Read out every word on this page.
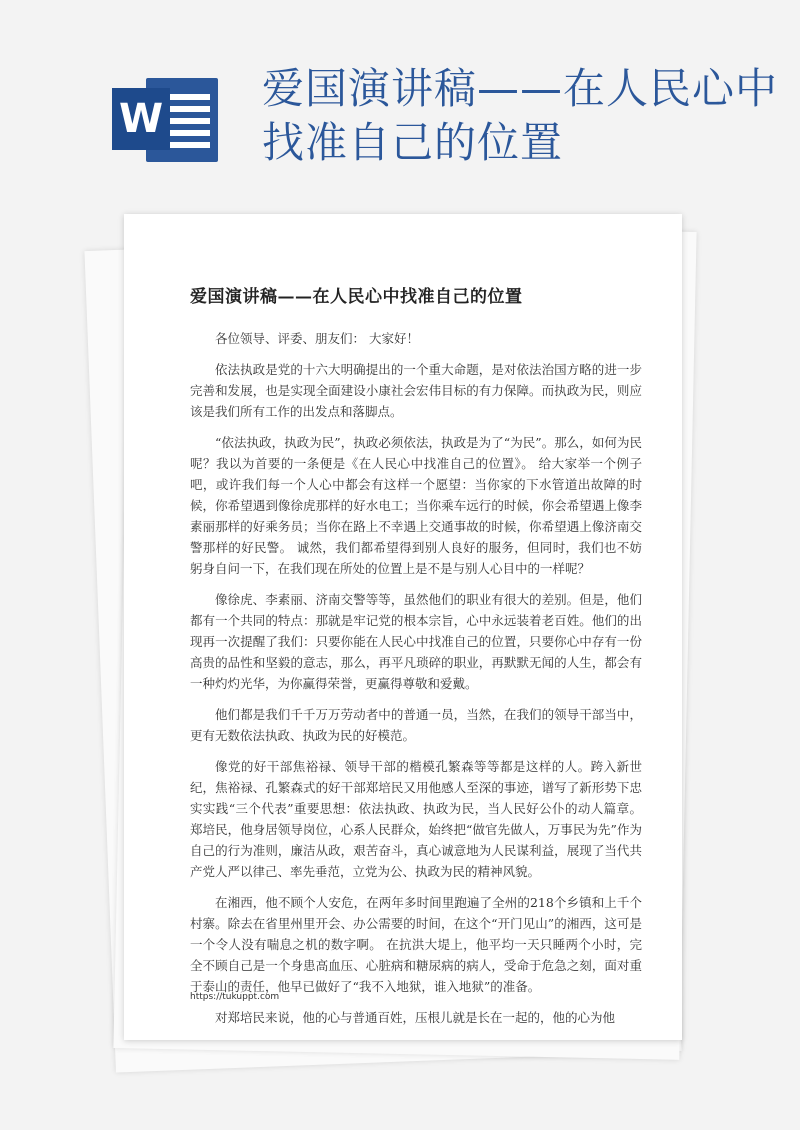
W
爱国演讲稿——在人民心中找准自己的位置
爱国演讲稿——在人民心中找准自己的位置

各位领导、评委、朋友们： 大家好！

依法执政是党的十六大明确提出的一个重大命题，是对依法治国方略的进一步完善和发展，也是实现全面建设小康社会宏伟目标的有力保障。而执政为民，则应该是我们所有工作的出发点和落脚点。

“依法执政，执政为民”，执政必须依法，执政是为了“为民”。那么，如何为民呢？我以为首要的一条便是《在人民心中找准自己的位置》。 给大家举一个例子吧，或许我们每一个人心中都会有这样一个愿望：当你家的下水管道出故障的时候，你希望遇到像徐虎那样的好水电工；当你乘车远行的时候，你会希望遇上像李素丽那样的好乘务员；当你在路上不幸遇上交通事故的时候，你希望遇上像济南交警那样的好民警。 诚然，我们都希望得到别人良好的服务，但同时，我们也不妨躬身自问一下，在我们现在所处的位置上是不是与别人心目中的一样呢？

像徐虎、李素丽、济南交警等等，虽然他们的职业有很大的差别。但是，他们都有一个共同的特点：那就是牢记党的根本宗旨，心中永远装着老百姓。他们的出现再一次提醒了我们：只要你能在人民心中找准自己的位置，只要你心中存有一份高贵的品性和坚毅的意志，那么，再平凡琐碎的职业，再默默无闻的人生，都会有一种灼灼光华，为你赢得荣誉，更赢得尊敬和爱戴。

他们都是我们千千万万劳动者中的普通一员，当然，在我们的领导干部当中，更有无数依法执政、执政为民的好模范。

像党的好干部焦裕禄、领导干部的楷模孔繁森等等都是这样的人。跨入新世纪，焦裕禄、孔繁森式的好干部郑培民又用他感人至深的事迹，谱写了新形势下忠实实践“三个代表”重要思想：依法执政、执政为民，当人民好公仆的动人篇章。 郑培民，他身居领导岗位，心系人民群众，始终把“做官先做人，万事民为先”作为自己的行为准则，廉洁从政，艰苦奋斗，真心诚意地为人民谋利益，展现了当代共产党人严以律己、率先垂范，立党为公、执政为民的精神风貌。

在湘西，他不顾个人安危，在两年多时间里跑遍了全州的218个乡镇和上千个村寨。除去在省里州里开会、办公需要的时间，在这个“开门见山”的湘西，这可是一个令人没有喘息之机的数字啊。 在抗洪大堤上，他平均一天只睡两个小时，完全不顾自己是一个身患高血压、心脏病和糖尿病的病人，受命于危急之刻，面对重于泰山的责任，他早已做好了“我不入地狱，谁入地狱”的准备。

对郑培民来说，他的心与普通百姓，压根儿就是长在一起的，他的心为他

https://tukuppt.com
